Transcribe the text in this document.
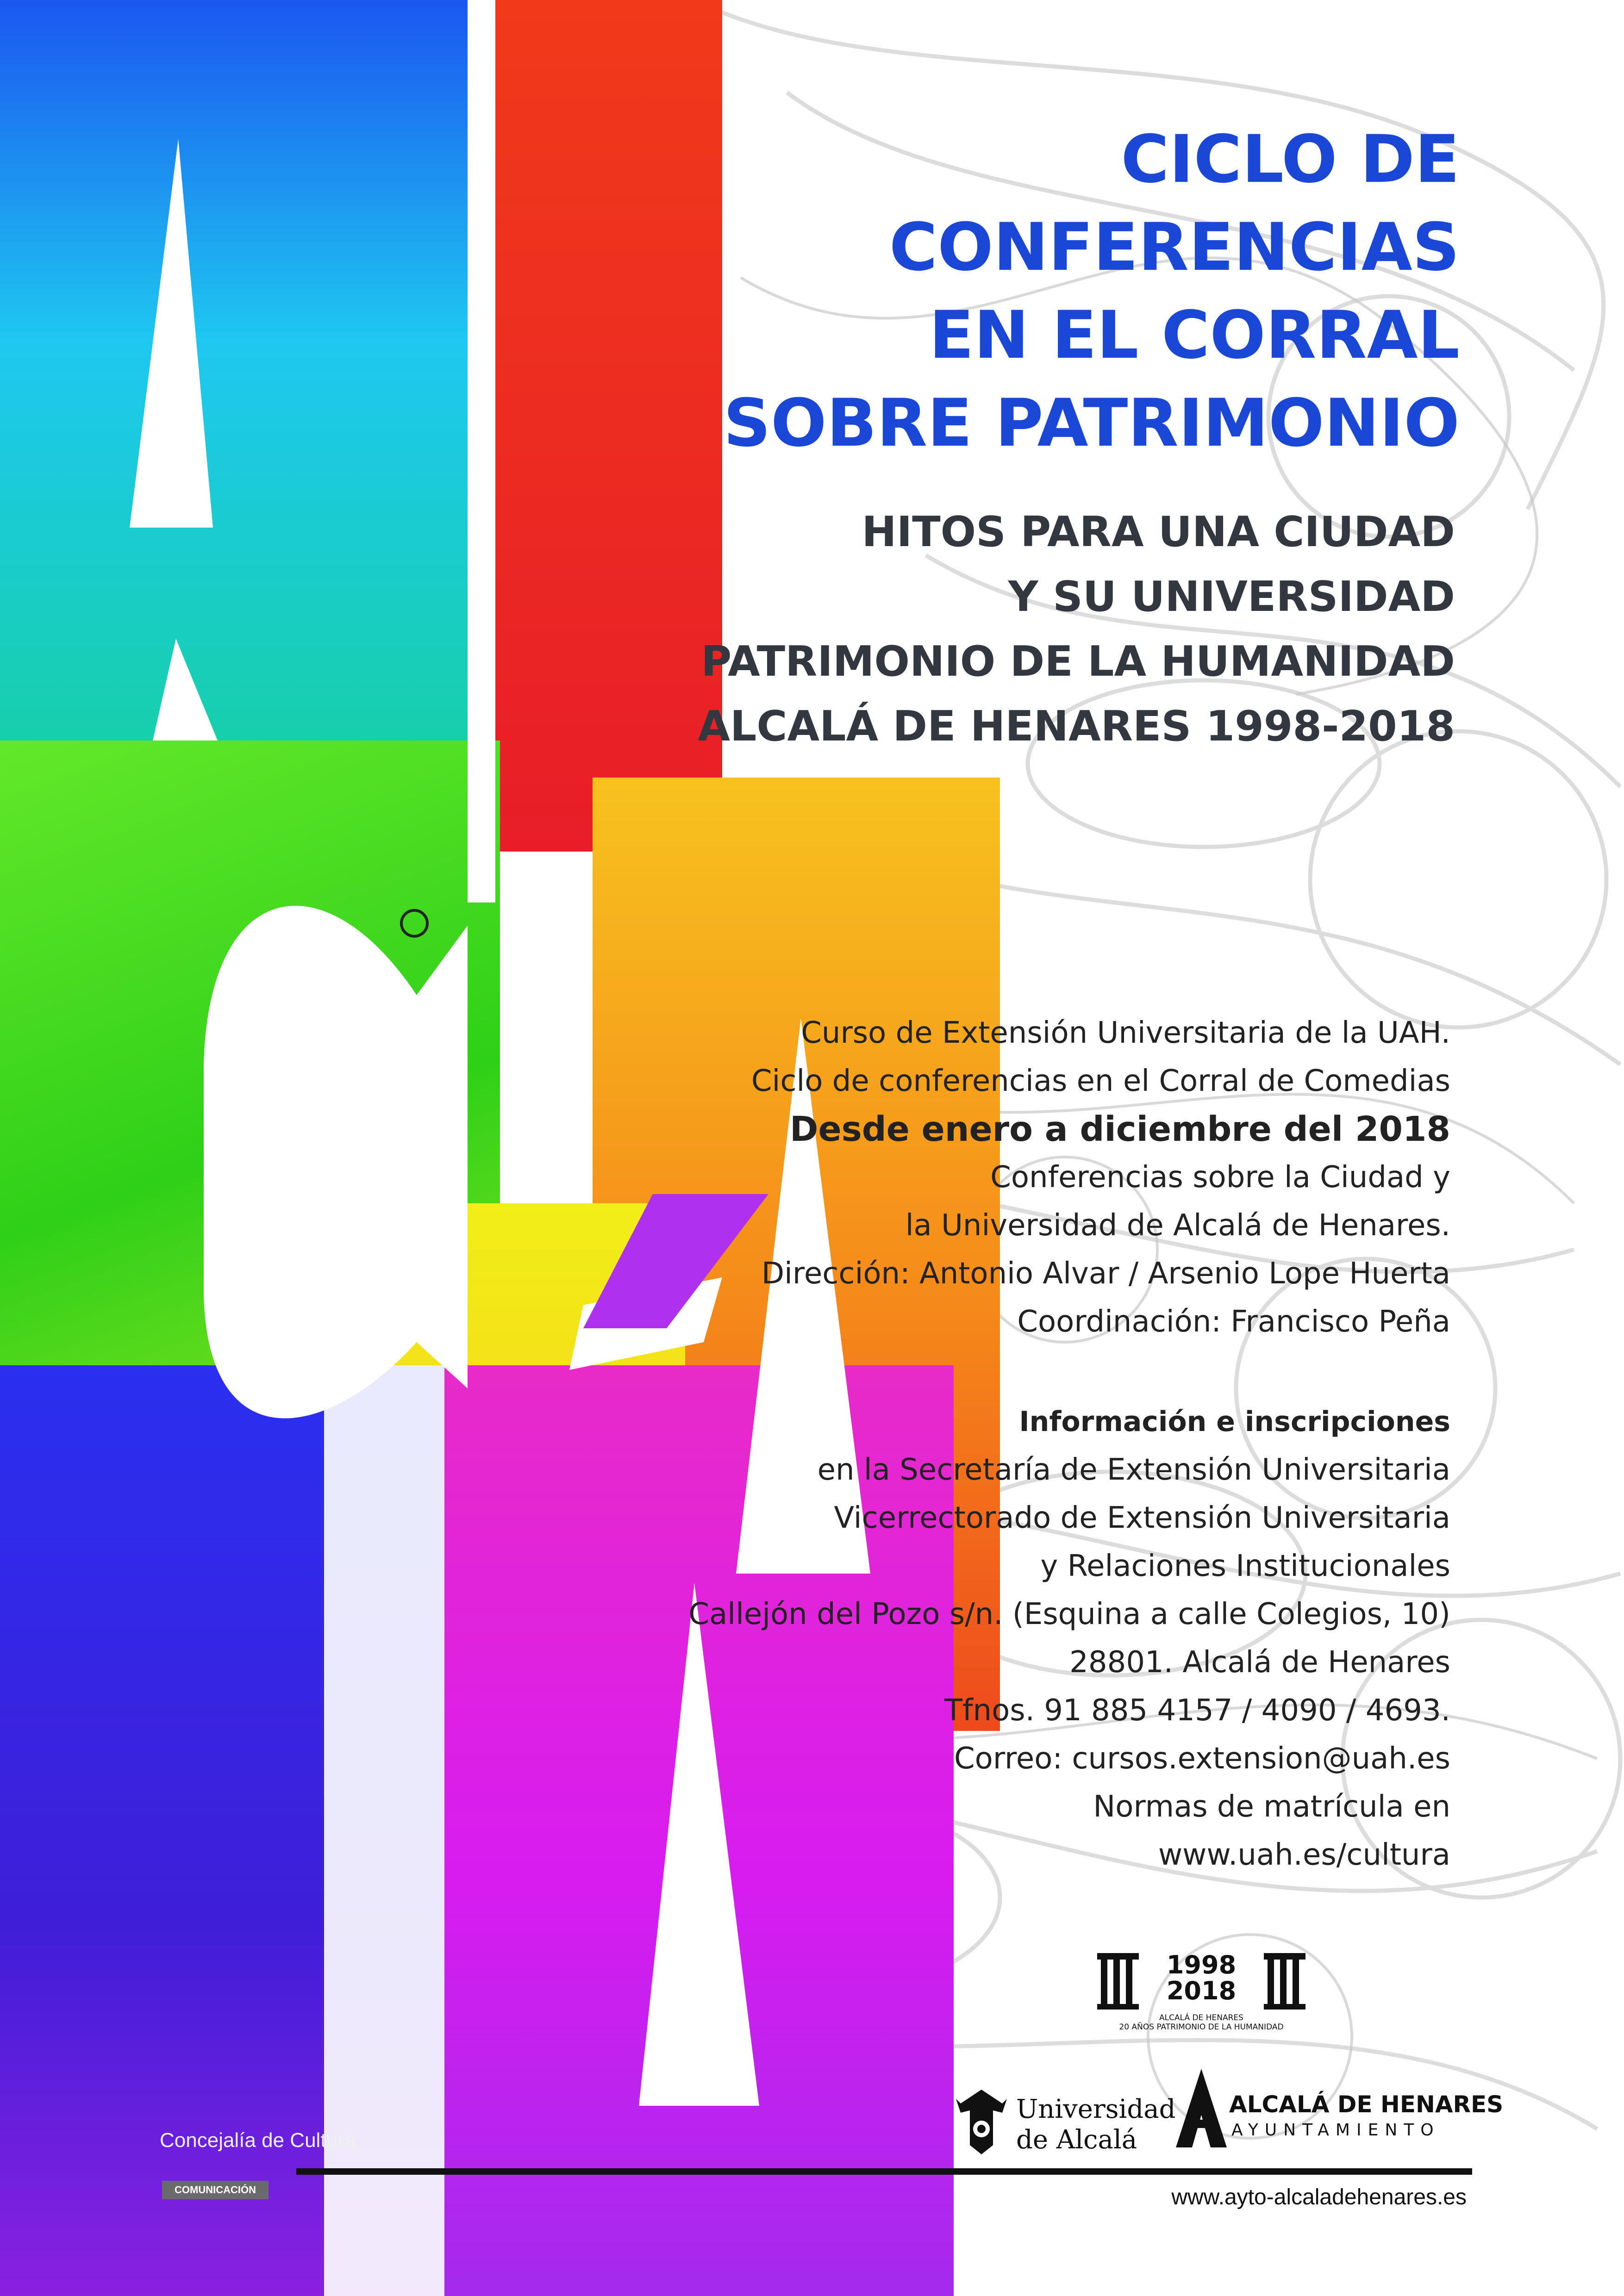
CICLO DE
CONFERENCIAS
EN EL CORRAL
SOBRE PATRIMONIO
HITOS PARA UNA CIUDAD
Y SU UNIVERSIDAD
PATRIMONIO DE LA HUMANIDAD
ALCALÁ DE HENARES 1998-2018
Curso de Extensión Universitaria de la UAH.
Ciclo de conferencias en el Corral de Comedias
Desde enero a diciembre del 2018
Conferencias sobre la Ciudad y
la Universidad de Alcalá de Henares.
Dirección: Antonio Alvar / Arsenio Lope Huerta
Coordinación: Francisco Peña
Información e inscripciones
en la Secretaría de Extensión Universitaria
Vicerrectorado de Extensión Universitaria
y Relaciones Institucionales
Callejón del Pozo s/n. (Esquina a calle Colegios, 10)
28801. Alcalá de Henares
Tfnos. 91 885 4157 / 4090 / 4693.
Correo: cursos.extension@uah.es
Normas de matrícula en
www.uah.es/cultura
1998
2018
ALCALÁ DE HENARES
20 AÑOS PATRIMONIO DE LA HUMANIDAD
Universidad
de Alcalá
ALCALÁ DE HENARES
AYUNTAMIENTO
Concejalía de Cultura
COMUNICACIÓN	www.ayto-alcaladehenares.es
